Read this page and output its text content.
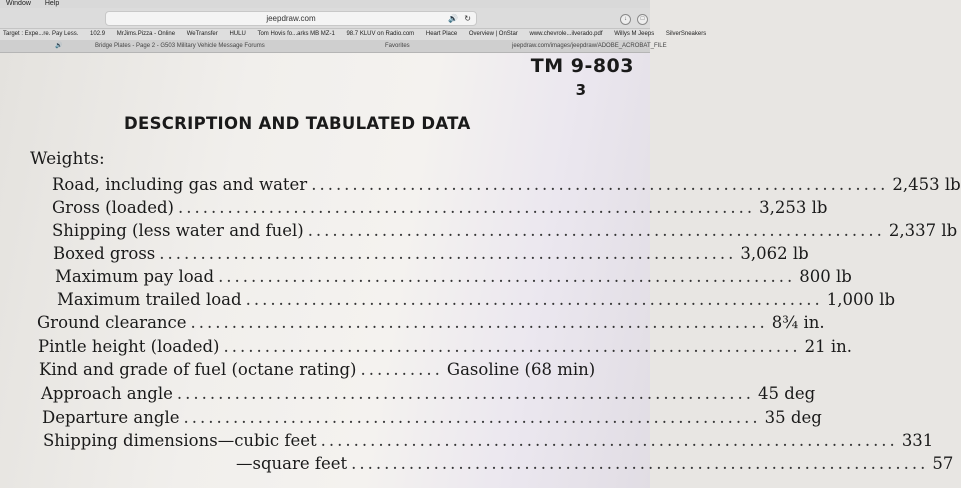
Window Help
jeepdraw.com	🔊 ↻	↓	□
Target : Expe...re. Pay Less. 102.9 MrJims.Pizza - Online WeTransfer HULU Tom Hovis fo...arks MB MZ-1 98.7 KLUV on Radio.com Heart Place Overview | OnStar www.chevrole...ilverado.pdf Willys M Jeeps SilverSneakers
🔊	Bridge Plates - Page 2 - G503 Military Vehicle Message Forums	Favorites	jeepdraw.com/images/jeepdraw/ADOBE_ACROBAT_FILE
TM 9-803
3
DESCRIPTION AND TABULATED DATA
Weights:
Road, including gas and water ...................................................................... 2,453 lb
Gross (loaded) ...................................................................... 3,253 lb
Shipping (less water and fuel) ...................................................................... 2,337 lb
Boxed gross ...................................................................... 3,062 lb
Maximum pay load ...................................................................... 800 lb
Maximum trailed load ...................................................................... 1,000 lb
Ground clearance ...................................................................... 8¾ in.
Pintle height (loaded) ...................................................................... 21 in.
Kind and grade of fuel (octane rating) .......... Gasoline (68 min)
Approach angle ...................................................................... 45 deg
Departure angle ...................................................................... 35 deg
Shipping dimensions—cubic feet ...................................................................... 331
—square feet ...................................................................... 57
